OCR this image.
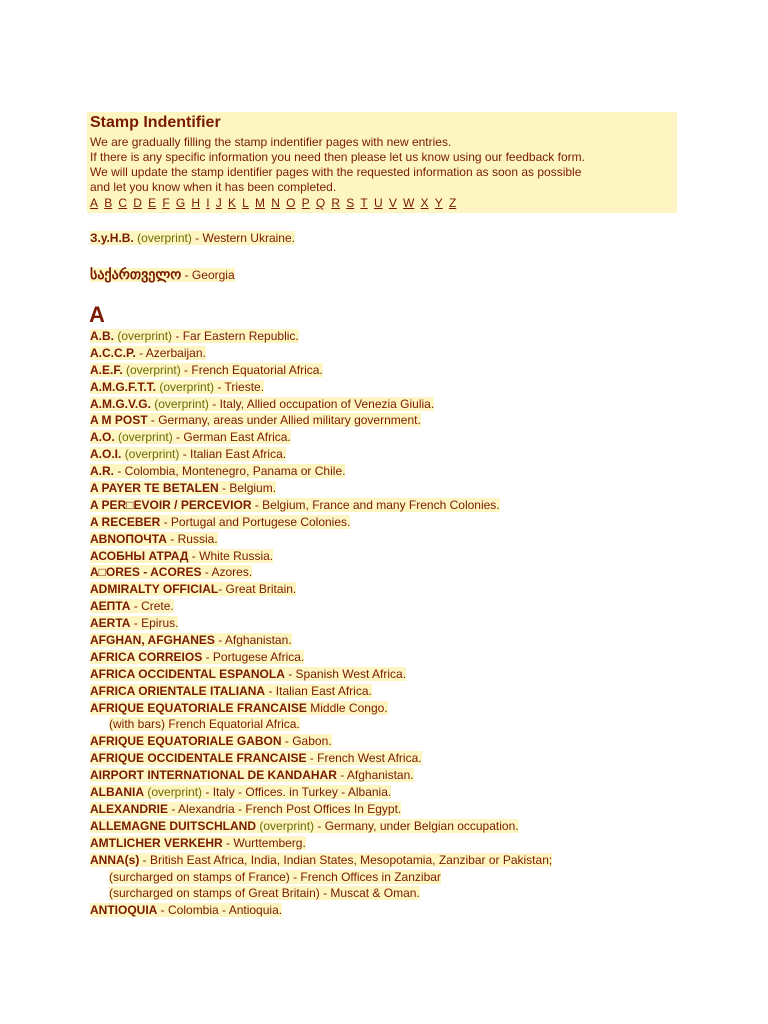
Stamp Indentifier
We are gradually filling the stamp indentifier pages with new entries.
If there is any specific information you need then please let us know using our feedback form.
We will update the stamp identifier pages with the requested information as soon as possible
and let you know when it has been completed.
A B C D E F G H I J K L M N O P Q R S T U V W X Y Z
З.у.Н.В. (overprint) - Western Ukraine.
საქართველო - Georgia
A
A.B. (overprint) - Far Eastern Republic.
A.C.C.P. - Azerbaijan.
A.E.F. (overprint) - French Equatorial Africa.
A.M.G.F.T.T. (overprint) - Trieste.
A.M.G.V.G. (overprint) - Italy, Allied occupation of Venezia Giulia.
A M POST - Germany, areas under Allied military government.
A.O. (overprint) - German East Africa.
A.O.I. (overprint) - Italian East Africa.
A.R. - Colombia, Montenegro, Panama or Chile.
A PAYER TE BETALEN - Belgium.
A PER□EVOIR / PERCEVIOR - Belgium, France and many French Colonies.
A RECEBER - Portugal and Portugese Colonies.
ABNOПОЧТА - Russia.
АСОБНЫ АТРАД - White Russia.
A□ORES - ACORES - Azores.
ADMIRALTY OFFICIAL- Great Britain.
AEПTA - Crete.
AERTA - Epirus.
AFGHAN, AFGHANES - Afghanistan.
AFRICA CORREIOS - Portugese Africa.
AFRICA OCCIDENTAL ESPANOLA - Spanish West Africa.
AFRICA ORIENTALE ITALIANA - Italian East Africa.
AFRIQUE EQUATORIALE FRANCAISE Middle Congo.
(with bars) French Equatorial Africa.
AFRIQUE EQUATORIALE GABON - Gabon.
AFRIQUE OCCIDENTALE FRANCAISE - French West Africa.
AIRPORT INTERNATIONAL DE KANDAHAR - Afghanistan.
ALBANIA (overprint) - Italy - Offices. in Turkey - Albania.
ALEXANDRIE - Alexandria - French Post Offices In Egypt.
ALLEMAGNE DUITSCHLAND (overprint) - Germany, under Belgian occupation.
AMTLICHER VERKEHR - Wurttemberg.
ANNA(s) - British East Africa, India, Indian States, Mesopotamia, Zanzibar or Pakistan;
(surcharged on stamps of France) - French Offices in Zanzibar
(surcharged on stamps of Great Britain) - Muscat & Oman.
ANTIOQUIA - Colombia - Antioquia.
